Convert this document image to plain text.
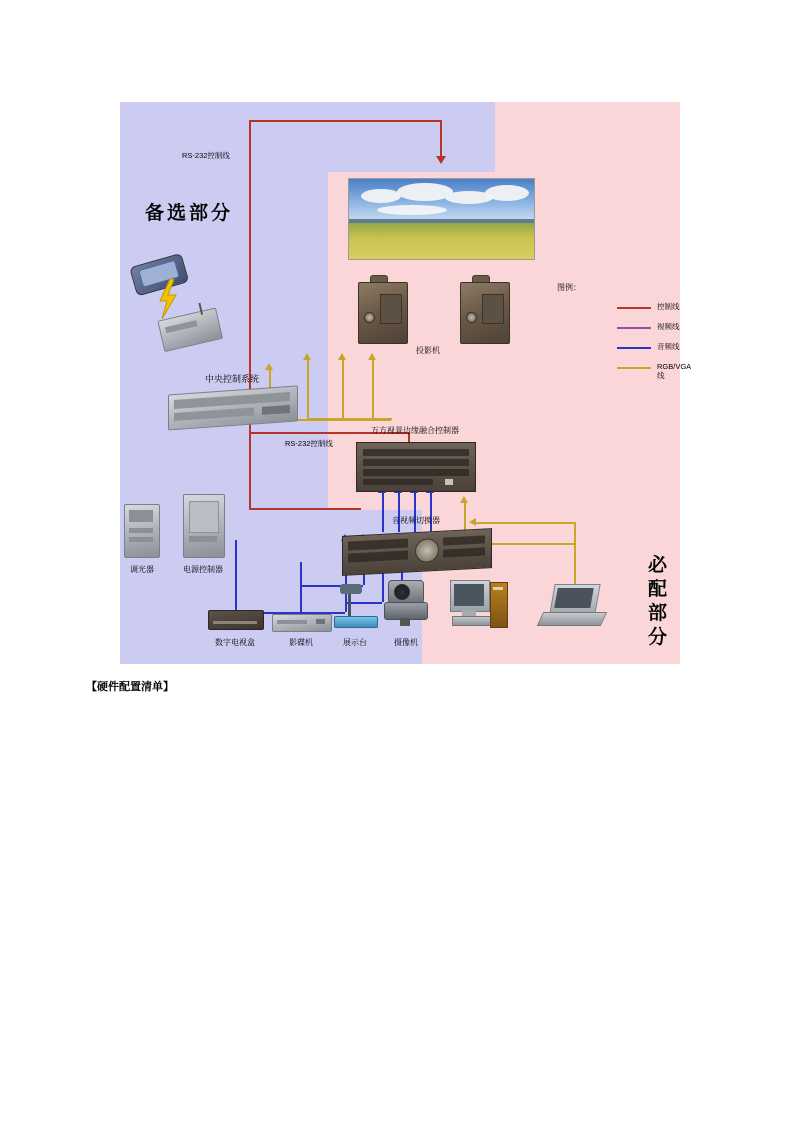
备选部分
必配部分
RS-232控制线
RS-232控制线
投影机
万方视景边缘融合控制器
音视频切换器
中央控制系统
调光器	电源控制器
数字电视盒	影碟机	展示台	摄像机
图例：
控制线
视频线
音频线
RGB/VGA线
【硬件配置清单】
